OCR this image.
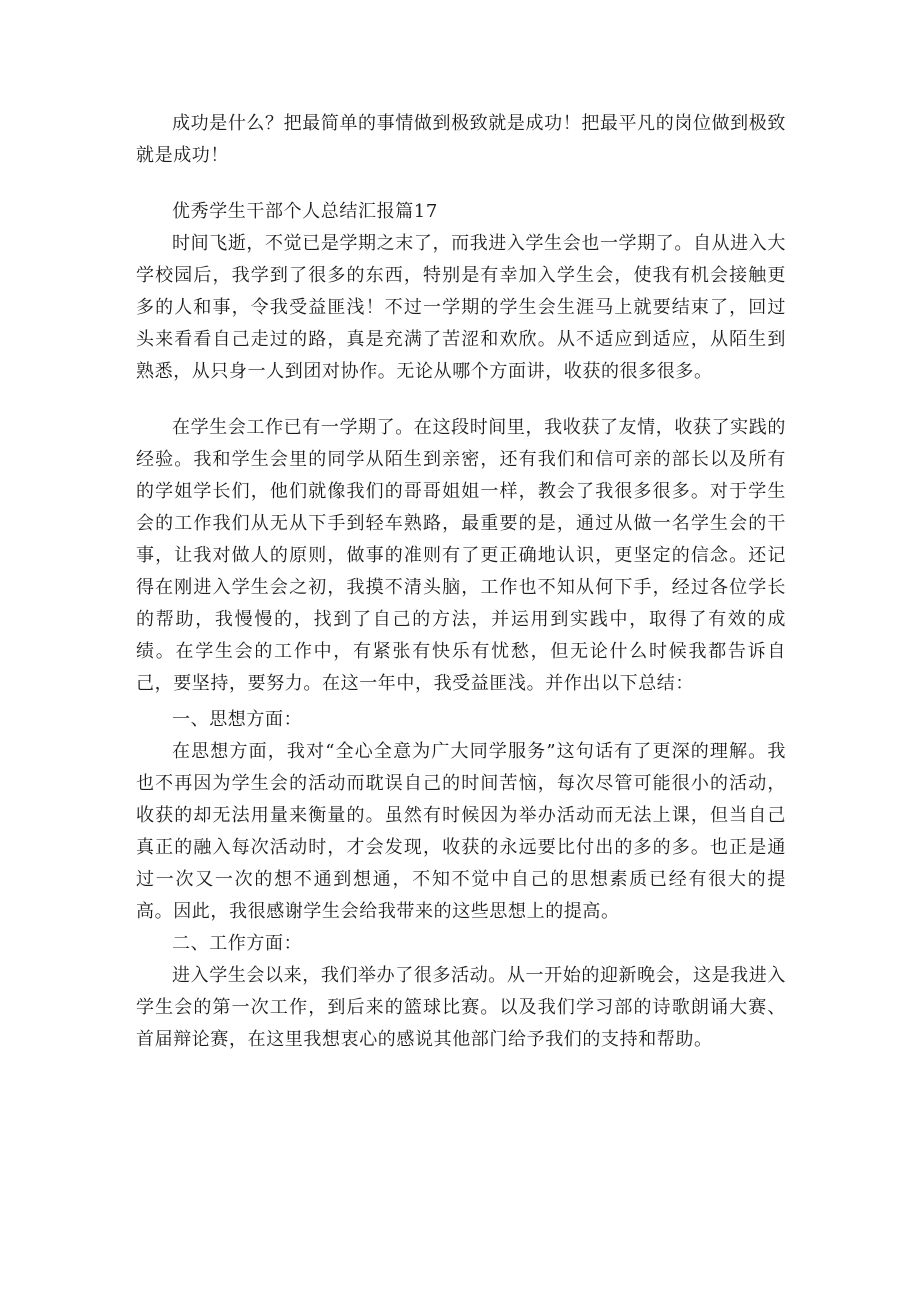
成功是什么？把最简单的事情做到极致就是成功！把最平凡的岗位做到极致就是成功！

优秀学生干部个人总结汇报篇17

时间飞逝，不觉已是学期之末了，而我进入学生会也一学期了。自从进入大学校园后，我学到了很多的东西，特别是有幸加入学生会，使我有机会接触更多的人和事，令我受益匪浅！不过一学期的学生会生涯马上就要结束了，回过头来看看自己走过的路，真是充满了苦涩和欢欣。从不适应到适应，从陌生到熟悉，从只身一人到团对协作。无论从哪个方面讲，收获的很多很多。

在学生会工作已有一学期了。在这段时间里，我收获了友情，收获了实践的经验。我和学生会里的同学从陌生到亲密，还有我们和信可亲的部长以及所有的学姐学长们，他们就像我们的哥哥姐姐一样，教会了我很多很多。对于学生会的工作我们从无从下手到轻车熟路，最重要的是，通过从做一名学生会的干事，让我对做人的原则，做事的准则有了更正确地认识，更坚定的信念。还记得在刚进入学生会之初，我摸不清头脑，工作也不知从何下手，经过各位学长的帮助，我慢慢的，找到了自己的方法，并运用到实践中，取得了有效的成绩。在学生会的工作中，有紧张有快乐有忧愁，但无论什么时候我都告诉自己，要坚持，要努力。在这一年中，我受益匪浅。并作出以下总结：

一、思想方面：

在思想方面，我对“全心全意为广大同学服务”这句话有了更深的理解。我也不再因为学生会的活动而耽误自己的时间苦恼，每次尽管可能很小的活动，收获的却无法用量来衡量的。虽然有时候因为举办活动而无法上课，但当自己真正的融入每次活动时，才会发现，收获的永远要比付出的多的多。也正是通过一次又一次的想不通到想通，不知不觉中自己的思想素质已经有很大的提高。因此，我很感谢学生会给我带来的这些思想上的提高。

二、工作方面：

进入学生会以来，我们举办了很多活动。从一开始的迎新晚会，这是我进入学生会的第一次工作，到后来的篮球比赛。以及我们学习部的诗歌朗诵大赛、首届辩论赛，在这里我想衷心的感说其他部门给予我们的支持和帮助。
